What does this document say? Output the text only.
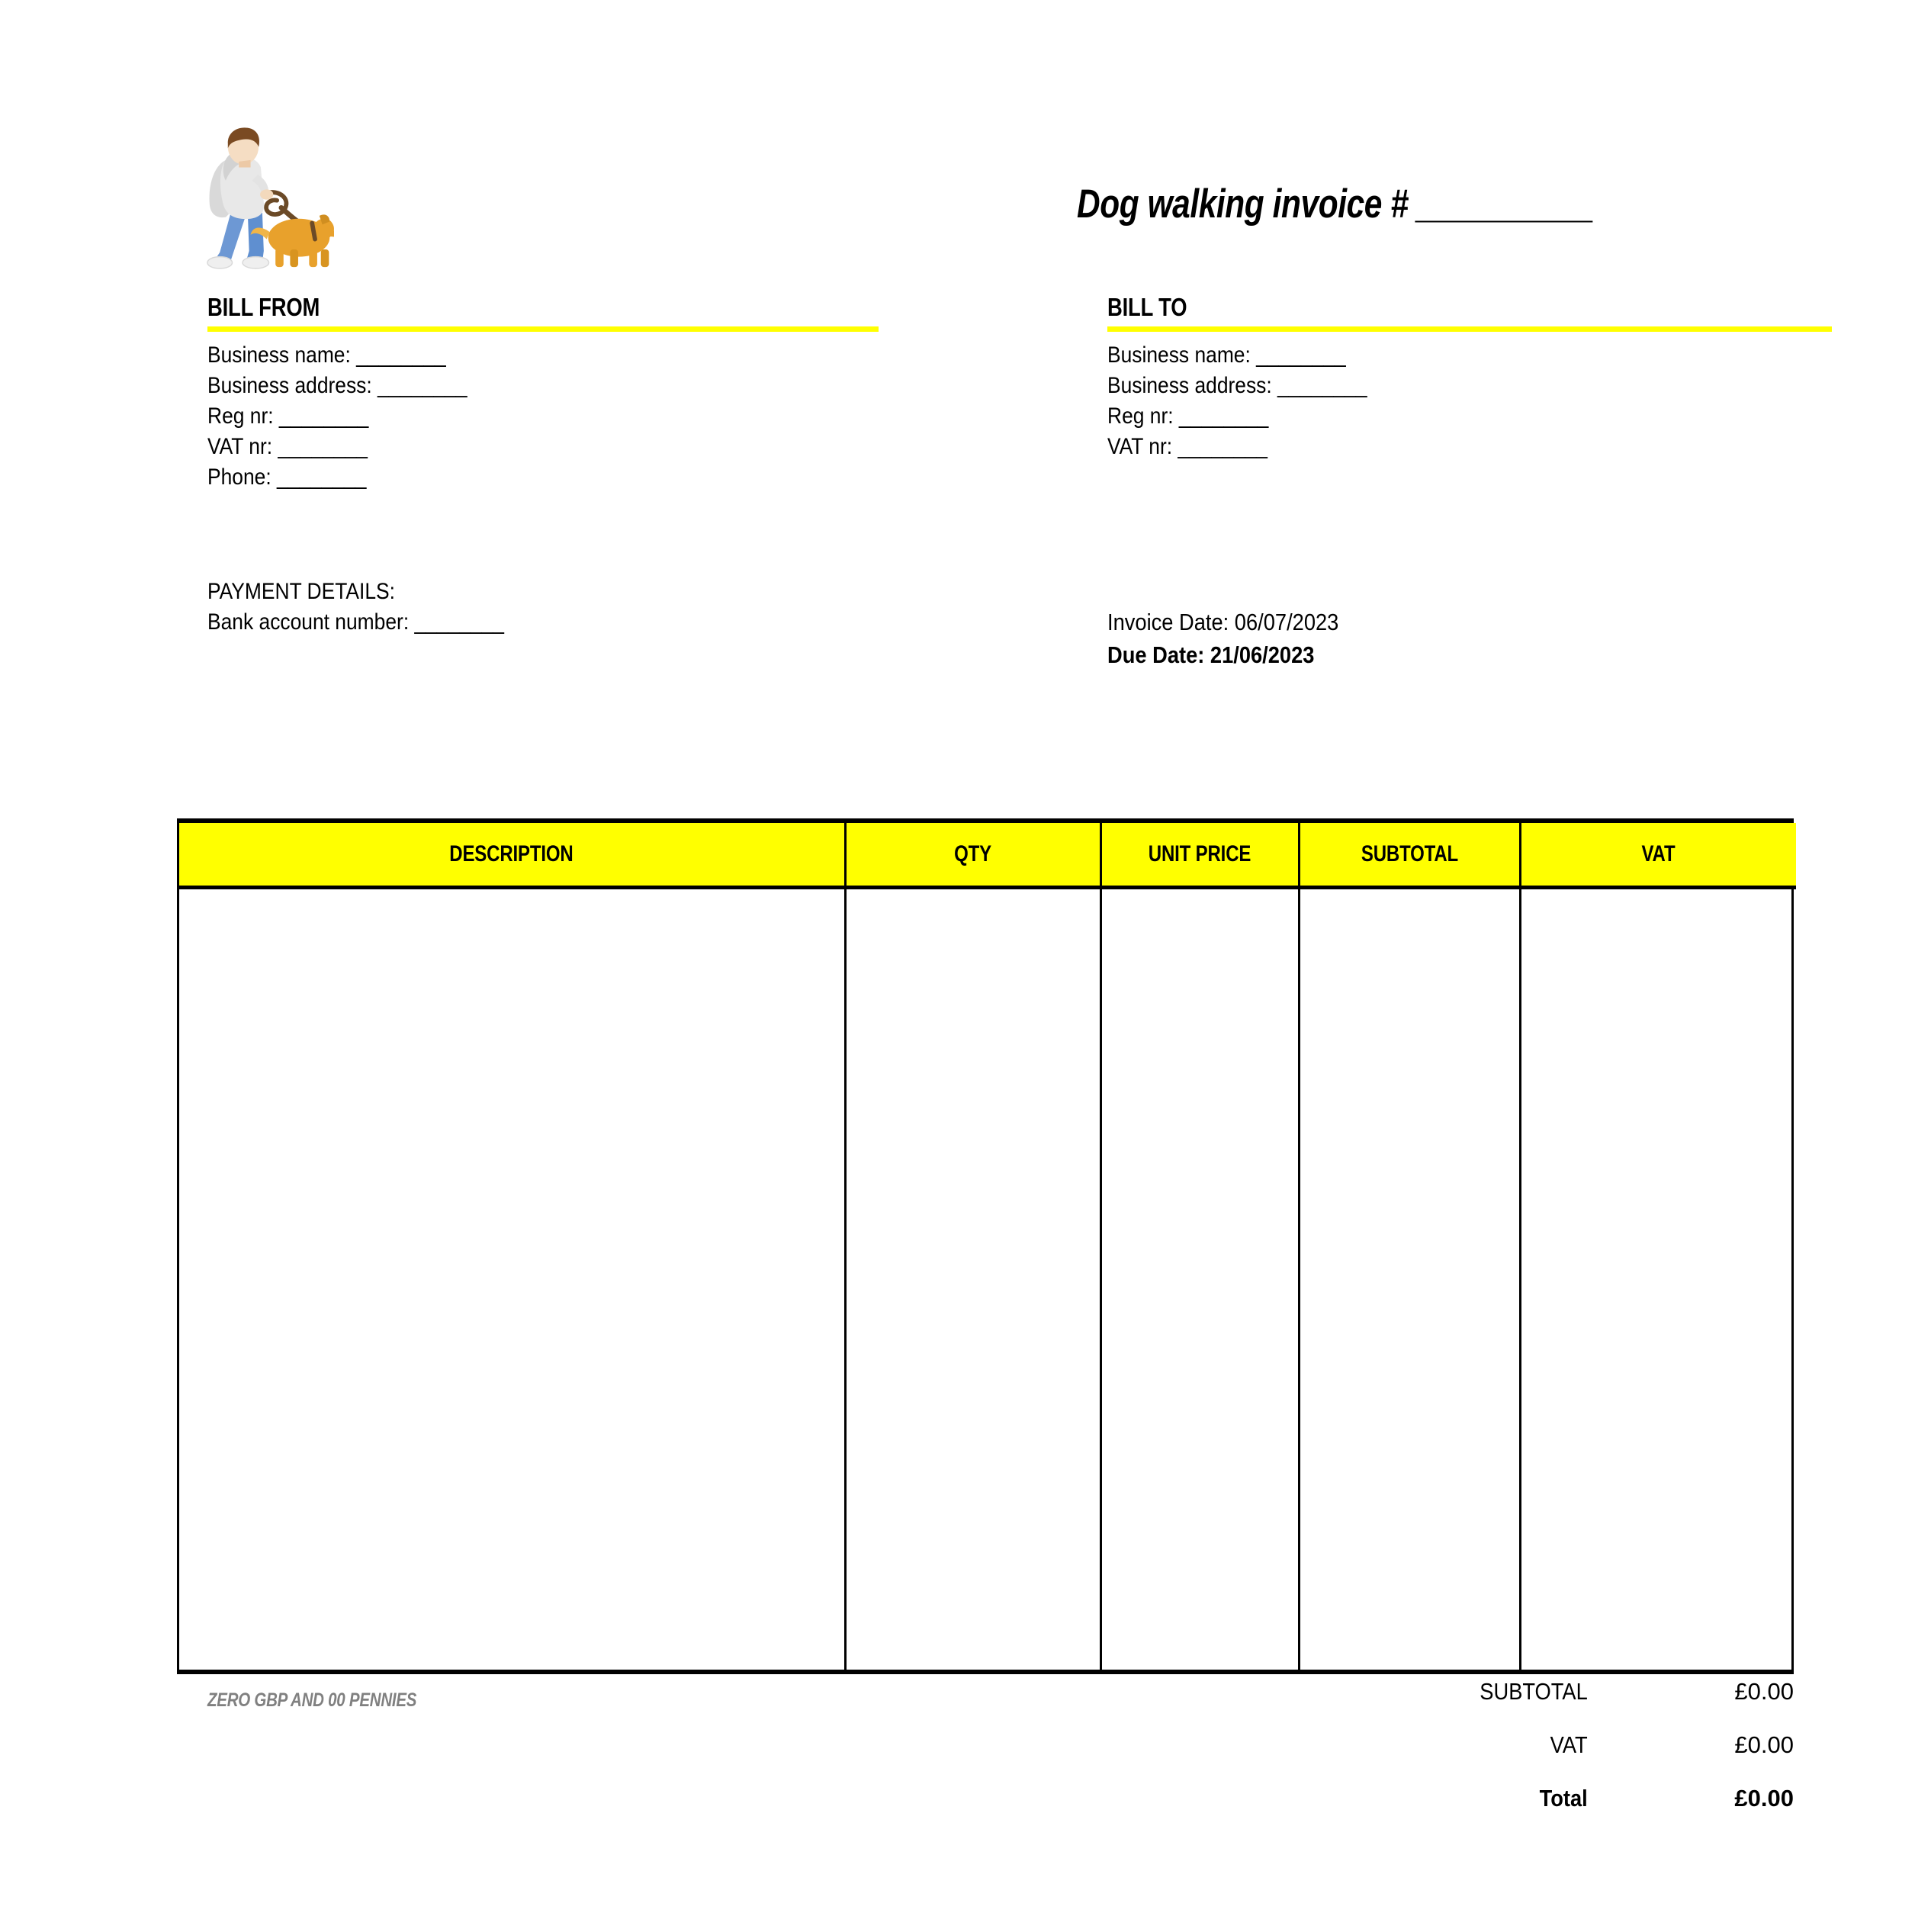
Dog walking invoice # __________
BILL FROM
Business name: ________
Business address: ________
Reg nr: ________
VAT nr: ________
Phone: ________
BILL TO
Business name: ________
Business address: ________
Reg nr: ________
VAT nr: ________
PAYMENT DETAILS:
Bank account number: ________	Invoice Date: 06/07/2023
Due Date: 21/06/2023
DESCRIPTION	QTY	UNIT PRICE	SUBTOTAL	VAT

ZERO GBP AND 00 PENNIES	SUBTOTAL	£0.00
VAT	£0.00
Total	£0.00
